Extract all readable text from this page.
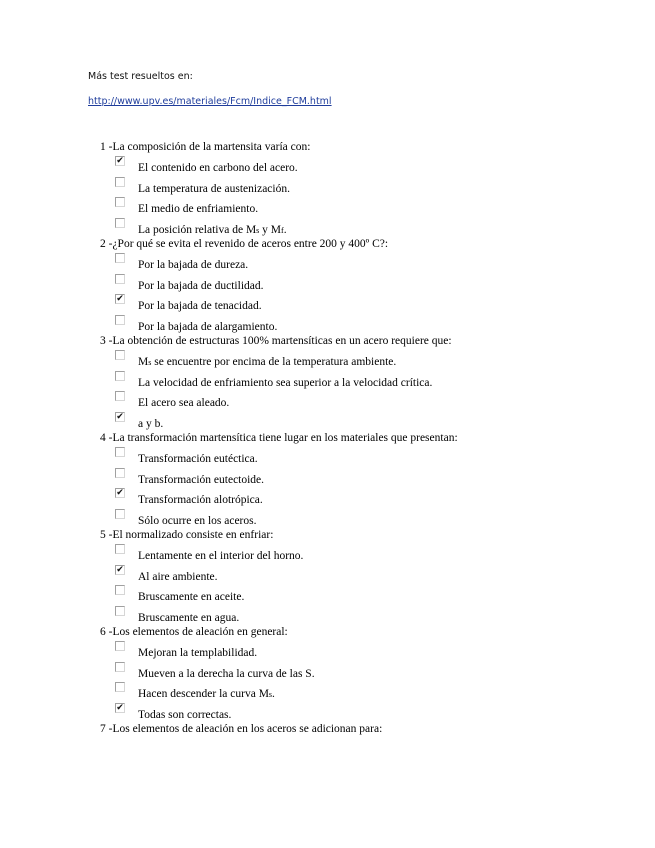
Más test resueltos en:
http://www.upv.es/materiales/Fcm/Indice_FCM.html
1 -La composición de la martensita varía con:
✔
El contenido en carbono del acero.
La temperatura de austenización.
El medio de enfriamiento.
La posición relativa de Ms y Mf.
2 -¿Por qué se evita el revenido de aceros entre 200 y 400º C?:
Por la bajada de dureza.
Por la bajada de ductilidad.
✔
Por la bajada de tenacidad.
Por la bajada de alargamiento.
3 -La obtención de estructuras 100% martensíticas en un acero requiere que:
Ms se encuentre por encima de la temperatura ambiente.
La velocidad de enfriamiento sea superior a la velocidad crítica.
El acero sea aleado.
✔
a y b.
4 -La transformación martensítica tiene lugar en los materiales que presentan:
Transformación eutéctica.
Transformación eutectoide.
✔
Transformación alotrópica.
Sólo ocurre en los aceros.
5 -El normalizado consiste en enfriar:
Lentamente en el interior del horno.
✔
Al aire ambiente.
Bruscamente en aceite.
Bruscamente en agua.
6 -Los elementos de aleación en general:
Mejoran la templabilidad.
Mueven a la derecha la curva de las S.
Hacen descender la curva Ms.
✔
Todas son correctas.
7 -Los elementos de aleación en los aceros se adicionan para:
